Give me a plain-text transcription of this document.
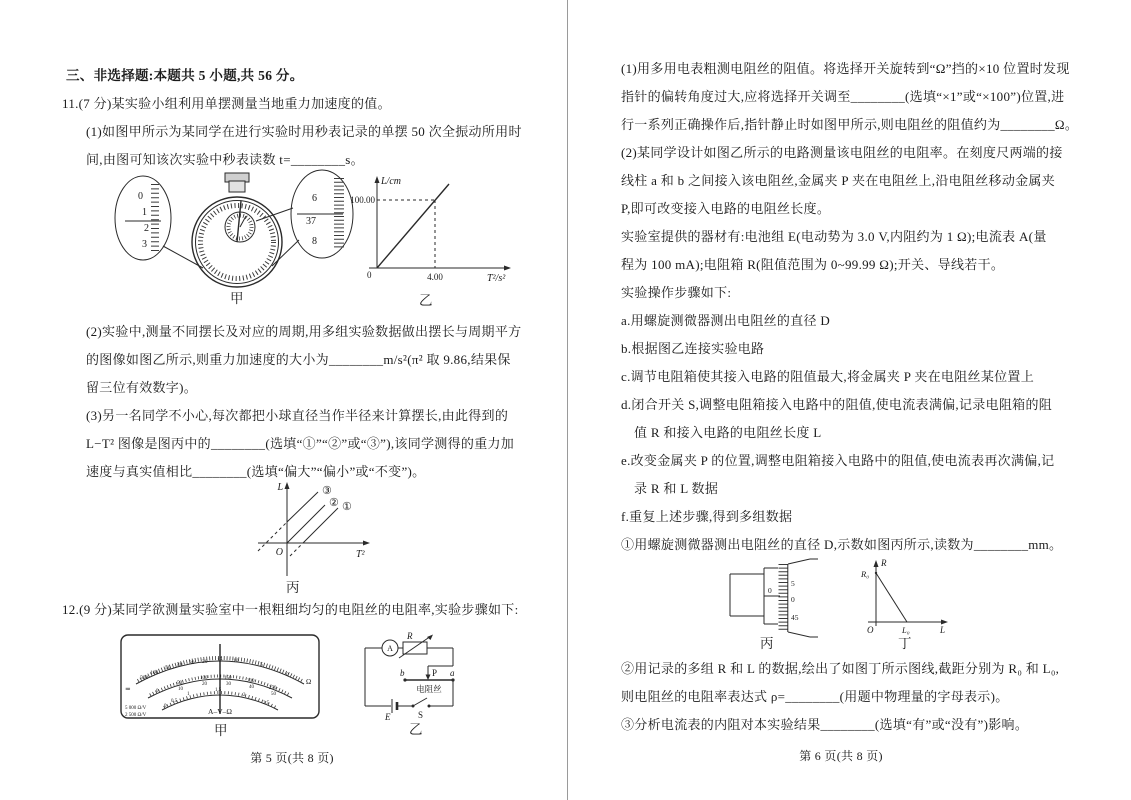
三、非选择题:本题共 5 小题,共 56 分。
11.(7 分)某实验小组利用单摆测量当地重力加速度的值。
(1)如图甲所示为某同学在进行实验时用秒表记录的单摆 50 次全振动所用时
间,由图可知该次实验中秒表读数 t=________s。
0
1
2
3
6
37
8
甲
L/cm
100.00
0	4.00	T²/s²
乙
(2)实验中,测量不同摆长及对应的周期,用多组实验数据做出摆长与周期平方
的图像如图乙所示,则重力加速度的大小为________m/s²(π² 取 9.86,结果保
留三位有效数字)。
(3)另一名同学不小心,每次都把小球直径当作半径来计算摆长,由此得到的
L−T² 图像是图丙中的________(选填“①”“②”或“③”),该同学测得的重力加
速度与真实值相比________(选填“偏大”“偏小”或“不变”)。
③
② ①
L
O	T²
丙
12.(9 分)某同学欲测量实验室中一根粗细均匀的电阻丝的电阻率,实验步骤如下:
500
100
50 40 30 20 15 10
5
0
Ω
0
50
100	150
200
250
10
20	30
40
50
0
0.5
1
1.5
2
2.5
A–V–Ω
≂
5 000 Ω/V
2 500 Ω/V
甲
A
R
b	P a
电阻丝
E	S
乙
第 5 页(共 8 页)
(1)用多用电表粗测电阻丝的阻值。将选择开关旋转到“Ω”挡的×10 位置时发现
指针的偏转角度过大,应将选择开关调至________(选填“×1”或“×100”)位置,进
行一系列正确操作后,指针静止时如图甲所示,则电阻丝的阻值约为________Ω。
(2)某同学设计如图乙所示的电路测量该电阻丝的电阻率。在刻度尺两端的接
线柱 a 和 b 之间接入该电阻丝,金属夹 P 夹在电阻丝上,沿电阻丝移动金属夹
P,即可改变接入电路的电阻丝长度。
实验室提供的器材有:电池组 E(电动势为 3.0 V,内阻约为 1 Ω);电流表 A(量
程为 100 mA);电阻箱 R(阻值范围为 0~99.99 Ω);开关、导线若干。
实验操作步骤如下:
a.用螺旋测微器测出电阻丝的直径 D
b.根据图乙连接实验电路
c.调节电阻箱使其接入电路的阻值最大,将金属夹 P 夹在电阻丝某位置上
d.闭合开关 S,调整电阻箱接入电路中的阻值,使电流表满偏,记录电阻箱的阻
值 R 和接入电路的电阻丝长度 L
e.改变金属夹 P 的位置,调整电阻箱接入电路中的阻值,使电流表再次满偏,记
录 R 和 L 数据
f.重复上述步骤,得到多组数据
①用螺旋测微器测出电阻丝的直径 D,示数如图丙所示,读数为________mm。
0
5
0
45
丙
R
R₀
O	L₀	L
丁
②用记录的多组 R 和 L 的数据,绘出了如图丁所示图线,截距分别为 R₀ 和 L₀,
则电阻丝的电阻率表达式 ρ=________(用题中物理量的字母表示)。
③分析电流表的内阻对本实验结果________(选填“有”或“没有”)影响。
第 6 页(共 8 页)
